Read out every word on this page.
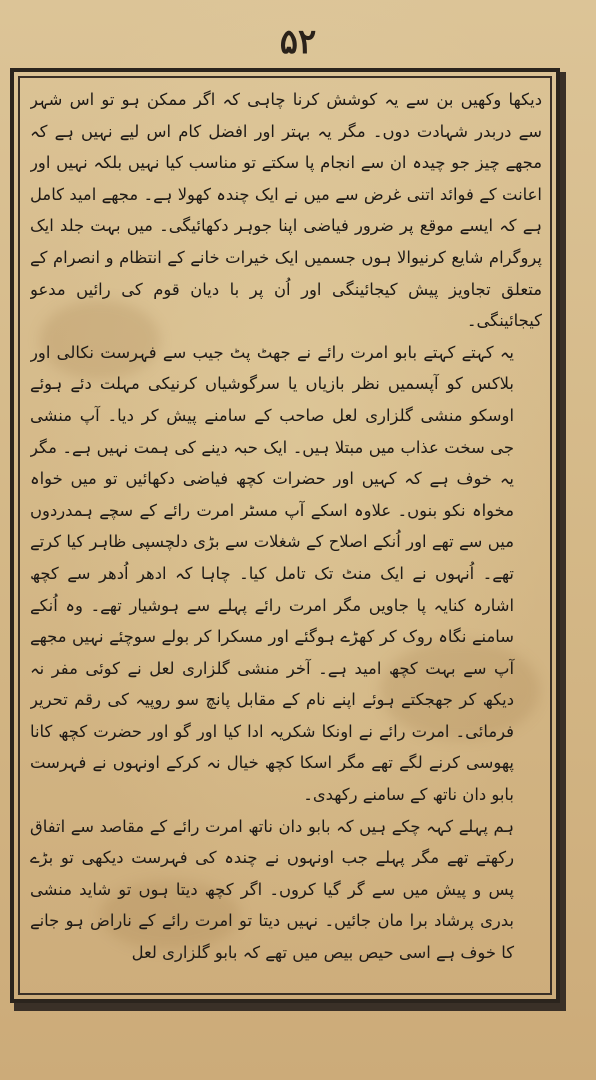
۵۲

دیکھا وکھیں بن سے یہ کوشش کرنا چاہی کہ اگر ممکن ہو تو اس شہر سے دربدر شہادت دوں۔ مگر یہ بہتر اور افضل کام اس لیے نہیں ہے کہ مجھے چیز جو چیدہ ان سے انجام پا سکتے تو مناسب کیا نہیں بلکہ نہیں اور اعانت کے فوائد اتنی غرض سے میں نے ایک چندہ کھولا ہے۔ مجھے امید کامل ہے کہ ایسے موقع پر ضرور فیاضی اپنا جوہر دکھائیگی۔ میں بہت جلد ایک پروگرام شایع کرنیوالا ہوں جسمیں ایک خیرات خانے کے انتظام و انصرام کے متعلق تجاویز پیش کیجائینگی اور اُن پر با دیان قوم کی رائیں مدعو کیجائینگی۔

یہ کہتے کہتے بابو امرت رائے نے جھٹ پٹ جیب سے فہرست نکالی اور بلاکس کو آپسمیں نظر بازیاں یا سرگوشیاں کرنیکی مہلت دئے ہوئے اوسکو منشی گلزاری لعل صاحب کے سامنے پیش کر دیا۔ آپ منشی جی سخت عذاب میں مبتلا ہیں۔ ایک حبہ دینے کی ہمت نہیں ہے۔ مگر یہ خوف ہے کہ کہیں اور حضرات کچھ فیاضی دکھائیں تو میں خواہ مخواہ نکو بنوں۔ علاوہ اسکے آپ مسٹر امرت رائے کے سچے ہمدردوں میں سے تھے اور اُنکے اصلاح کے شغلات سے بڑی دلچسپی ظاہر کیا کرتے تھے۔ اُنہوں نے ایک منٹ تک تامل کیا۔ چاہا کہ ادھر اُدھر سے کچھ اشارہ کنایہ پا جاویں مگر امرت رائے پہلے سے ہوشیار تھے۔ وہ اُنکے سامنے نگاہ روک کر کھڑے ہوگئے اور مسکرا کر بولے سوچئے نہیں مجھے آپ سے بہت کچھ امید ہے۔ آخر منشی گلزاری لعل نے کوئی مفر نہ دیکھ کر جھجکتے ہوئے اپنے نام کے مقابل پانچ سو روپیہ کی رقم تحریر فرمائی۔ امرت رائے نے اونکا شکریہ ادا کیا اور گو اور حضرت کچھ کانا پھوسی کرنے لگے تھے مگر اسکا کچھ خیال نہ کرکے اونہوں نے فہرست بابو دان ناتھ کے سامنے رکھدی۔

ہم پہلے کہہ چکے ہیں کہ بابو دان ناتھ امرت رائے کے مقاصد سے اتفاق رکھتے تھے مگر پہلے جب اونہوں نے چندہ کی فہرست دیکھی تو بڑے پس و پیش میں سے گر گیا کروں۔ اگر کچھ دیتا ہوں تو شاید منشی بدری پرشاد برا مان جائیں۔ نہیں دیتا تو امرت رائے کے ناراض ہو جانے کا خوف ہے اسی حیص بیص میں تھے کہ بابو گلزاری لعل
